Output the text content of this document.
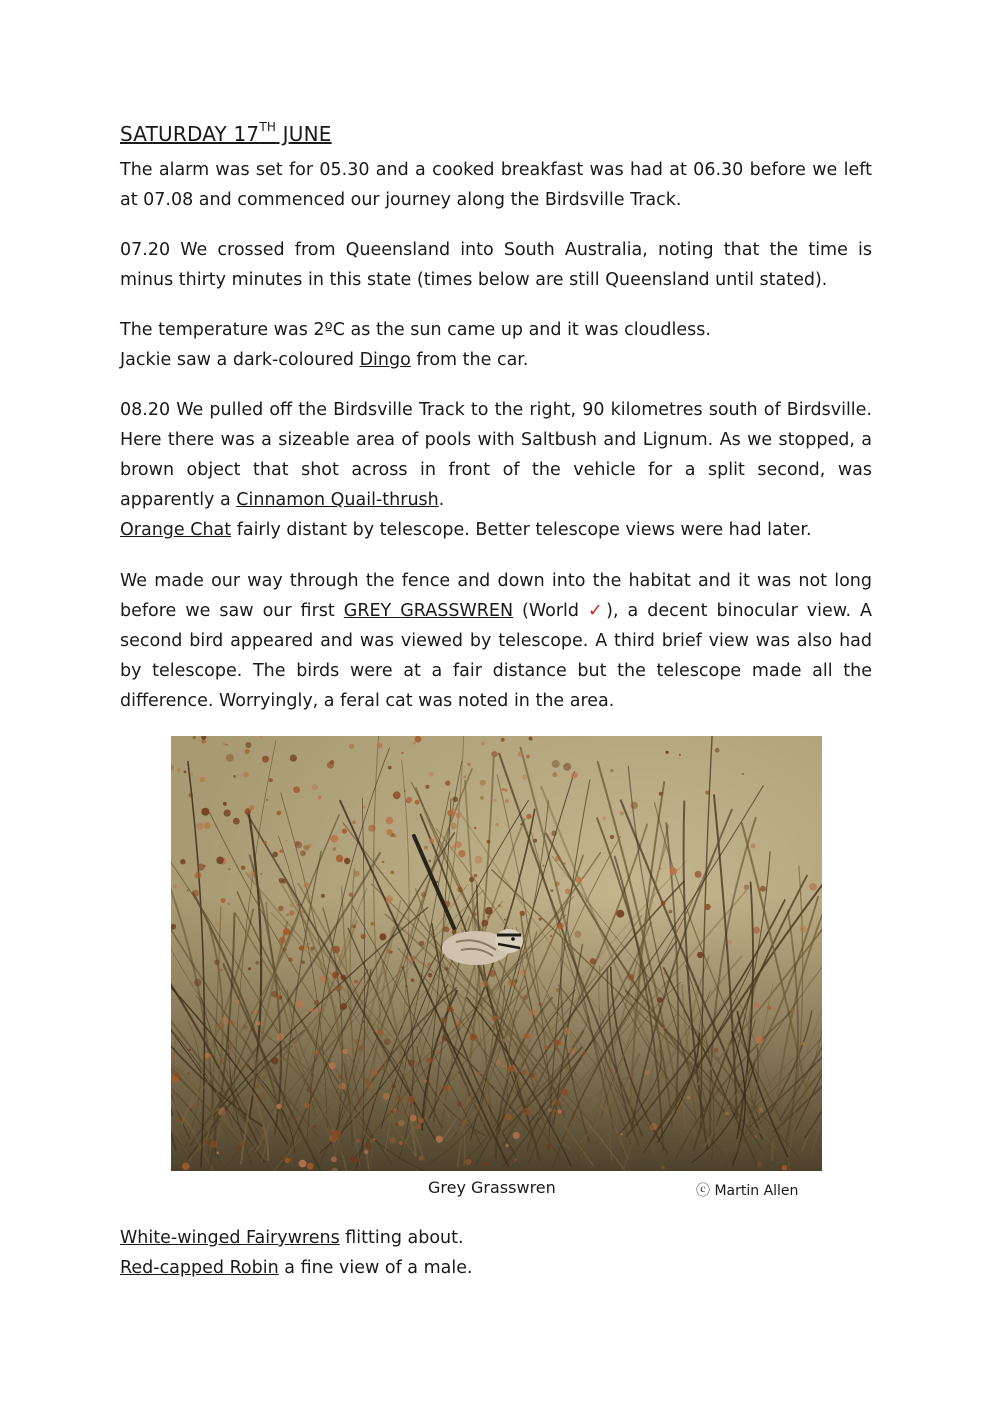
SATURDAY 17TH JUNE
The alarm was set for 05.30 and a cooked breakfast was had at 06.30 before we left at 07.08 and commenced our journey along the Birdsville Track.
07.20 We crossed from Queensland into South Australia, noting that the time is minus thirty minutes in this state (times below are still Queensland until stated).
The temperature was 2ºC as the sun came up and it was cloudless.
Jackie saw a dark-coloured Dingo from the car.
08.20 We pulled off the Birdsville Track to the right, 90 kilometres south of Birdsville. Here there was a sizeable area of pools with Saltbush and Lignum. As we stopped, a brown object that shot across in front of the vehicle for a split second, was apparently a Cinnamon Quail-thrush.
Orange Chat fairly distant by telescope. Better telescope views were had later.
We made our way through the fence and down into the habitat and it was not long before we saw our first GREY GRASSWREN (World ✓), a decent binocular view. A second bird appeared and was viewed by telescope. A third brief view was also had by telescope. The birds were at a fair distance but the telescope made all the difference. Worryingly, a feral cat was noted in the area.
Grey Grasswren	ⓒ Martin Allen
White-winged Fairywrens flitting about.
Red-capped Robin a fine view of a male.
